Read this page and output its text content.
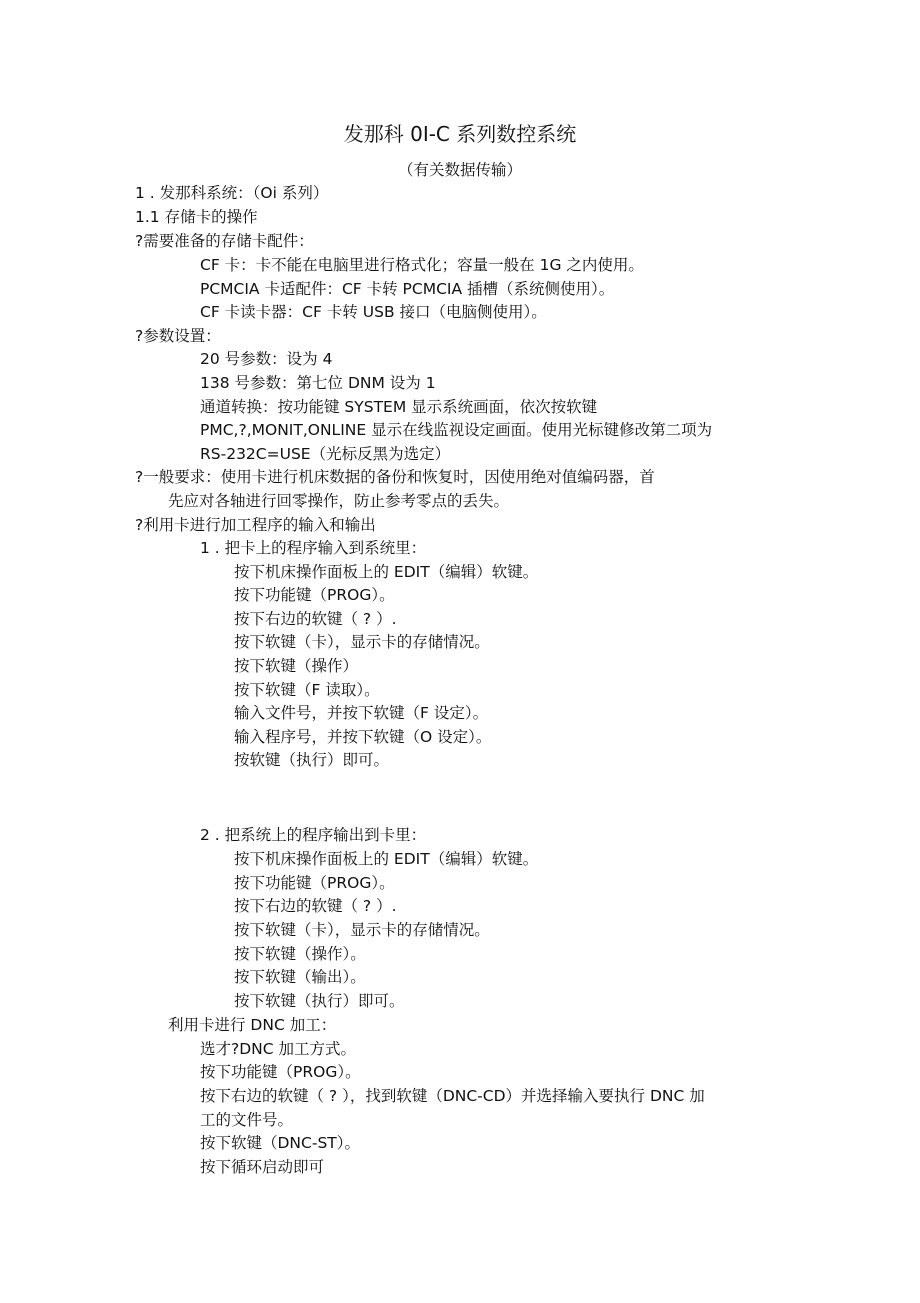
发那科 0I-C 系列数控系统
（有关数据传输）
1 . 发那科系统：（Oi 系列）
1.1 存储卡的操作
?需要准备的存储卡配件：
CF 卡：卡不能在电脑里进行格式化；容量一般在 1G 之内使用。
PCMCIA 卡适配件：CF 卡转 PCMCIA 插槽（系统侧使用）。
CF 卡读卡器：CF 卡转 USB 接口（电脑侧使用）。
?参数设置：
20 号参数：设为 4
138 号参数：第七位 DNM 设为 1
通道转换：按功能键 SYSTEM 显示系统画面，依次按软键
PMC,?,MONIT,ONLINE 显示在线监视设定画面。使用光标键修改第二项为
RS-232C=USE（光标反黑为选定）
?一般要求：使用卡进行机床数据的备份和恢复时，因使用绝对值编码器，首
先应对各轴进行回零操作，防止参考零点的丢失。
?利用卡进行加工程序的输入和输出
1 . 把卡上的程序输入到系统里：
按下机床操作面板上的 EDIT（编辑）软键。
按下功能键（PROG）。
按下右边的软键（ ? ）.
按下软键（卡），显示卡的存储情况。
按下软键（操作）
按下软键（F 读取）。
输入文件号，并按下软键（F 设定）。
输入程序号，并按下软键（O 设定）。
按软键（执行）即可。
2 . 把系统上的程序输出到卡里：
按下机床操作面板上的 EDIT（编辑）软键。
按下功能键（PROG）。
按下右边的软键（ ? ）.
按下软键（卡），显示卡的存储情况。
按下软键（操作）。
按下软键（输出）。
按下软键（执行）即可。
利用卡进行 DNC 加工：
选才?DNC 加工方式。
按下功能键（PROG）。
按下右边的软键（ ? ），找到软键（DNC-CD）并选择输入要执行 DNC 加
工的文件号。
按下软键（DNC-ST）。
按下循环启动即可
